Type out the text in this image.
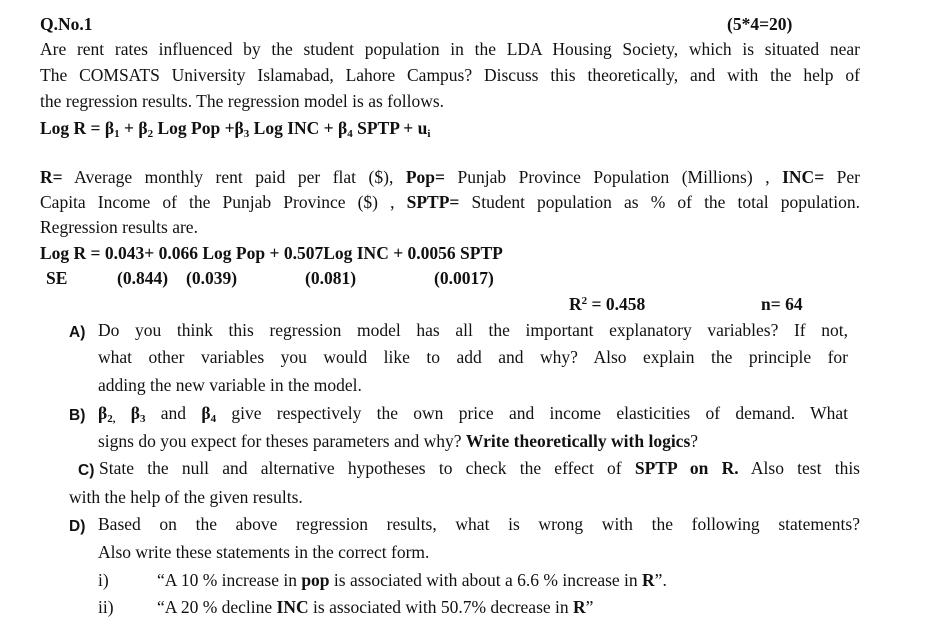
Q.No.1	(5*4=20)
Are rent rates influenced by the student population in the LDA Housing Society, which is situated near
The COMSATS University Islamabad, Lahore Campus? Discuss this theoretically, and with the help of
the regression results. The regression model is as follows.
Log $R = \beta_1 + \beta_2$ Log Pop $+\beta_3$ Log INC + $\beta_4$ SPTP + $u_i$
R= Average monthly rent paid per flat ($), Pop= Punjab Province Population (Millions) , INC= Per
Capita Income of the Punjab Province ($) , SPTP= Student population as % of the total population.
Regression results are.
Log R = 0.043+ 0.066 Log Pop + 0.507Log INC + 0.0056 SPTP
SE	(0.844) (0.039)	(0.081)	(0.0017)
$R^2 = 0.458$	n= 64
A) Do you think this regression model has all the important explanatory variables? If not,
what other variables you would like to add and why? Also explain the principle for
adding the new variable in the model.
B) $\beta_{2,}$ $\beta_3$ and $\beta_4$ give respectively the own price and income elasticities of demand. What
signs do you expect for theses parameters and why? Write theoretically with logics?
C) State the null and alternative hypotheses to check the effect of SPTP on R. Also test this
with the help of the given results.
D) Based on the above regression results, what is wrong with the following statements?
Also write these statements in the correct form.
i)	“A 10 % increase in pop is associated with about a 6.6 % increase in R”.
ii) “A 20 % decline INC is associated with 50.7% decrease in R”
